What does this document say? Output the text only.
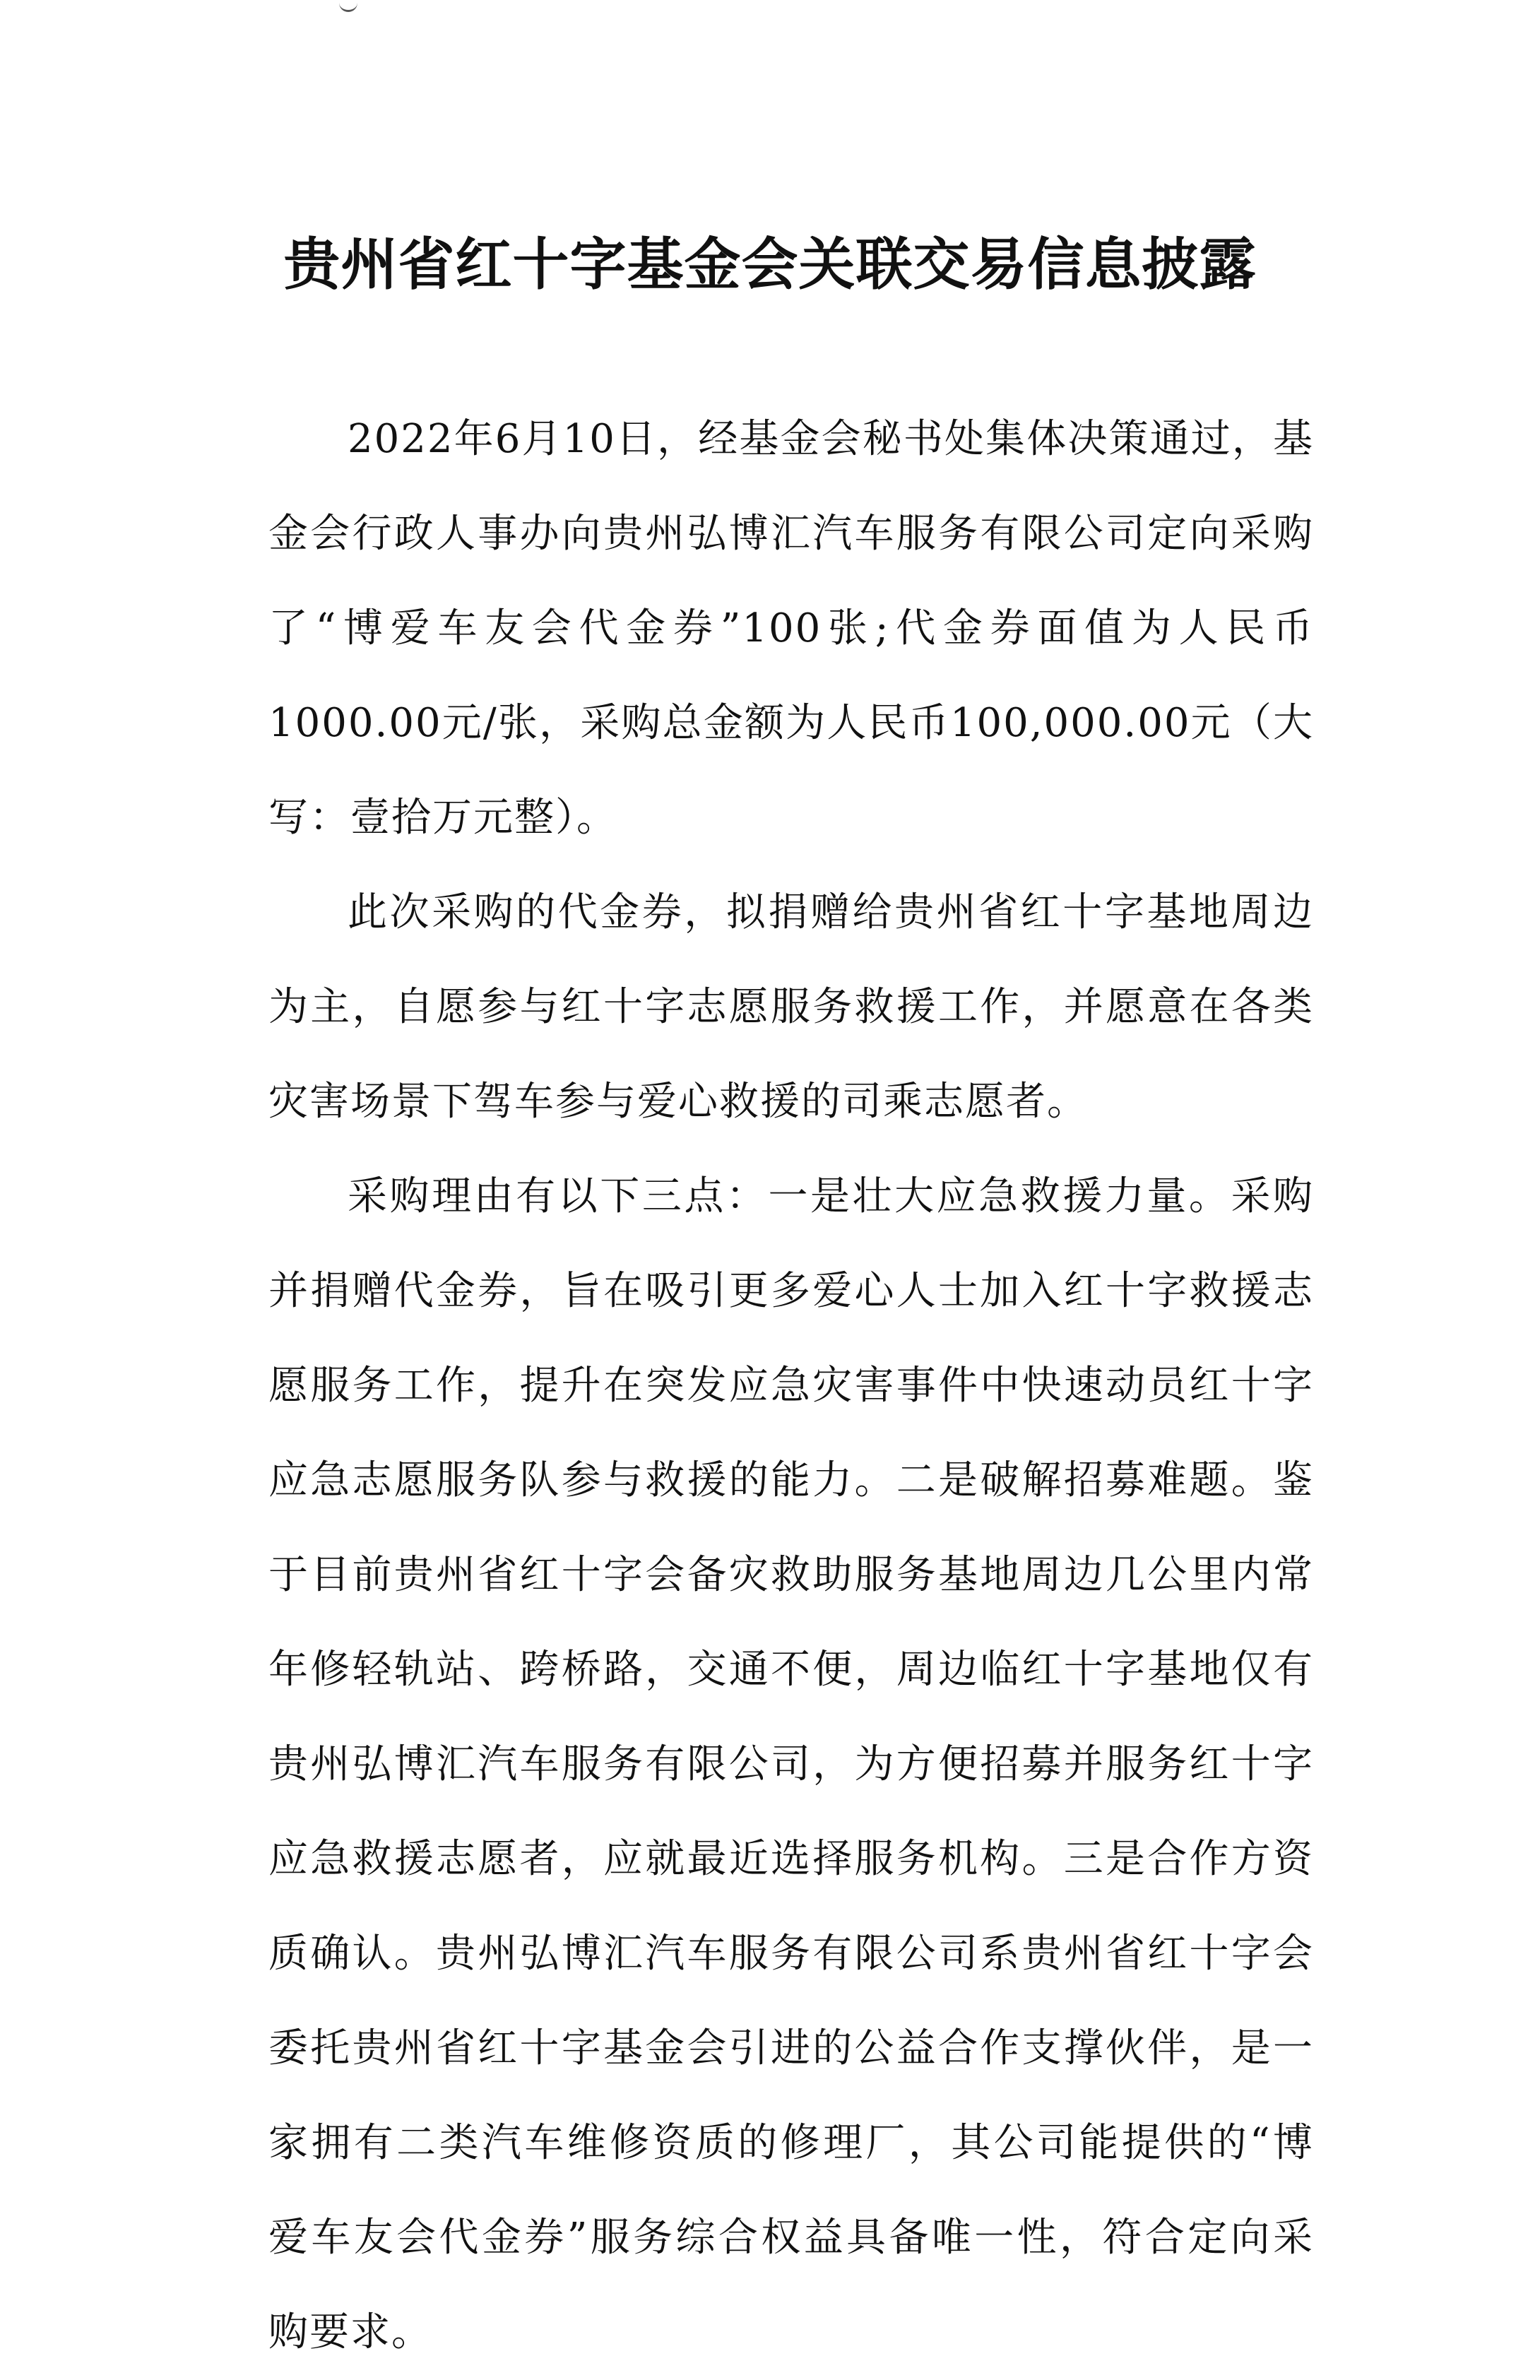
贵州省红十字基金会关联交易信息披露

2022年6月10日，经基金会秘书处集体决策通过，基金会行政人事办向贵州弘博汇汽车服务有限公司定向采购了“博爱车友会代金券”100张;代金券面值为人民币1000.00元/张，采购总金额为人民币100,000.00元（大写：壹拾万元整）。

此次采购的代金券，拟捐赠给贵州省红十字基地周边为主，自愿参与红十字志愿服务救援工作，并愿意在各类灾害场景下驾车参与爱心救援的司乘志愿者。

采购理由有以下三点：一是壮大应急救援力量。采购并捐赠代金券，旨在吸引更多爱心人士加入红十字救援志愿服务工作，提升在突发应急灾害事件中快速动员红十字应急志愿服务队参与救援的能力。二是破解招募难题。鉴于目前贵州省红十字会备灾救助服务基地周边几公里内常年修轻轨站、跨桥路，交通不便，周边临红十字基地仅有贵州弘博汇汽车服务有限公司，为方便招募并服务红十字应急救援志愿者，应就最近选择服务机构。三是合作方资质确认。贵州弘博汇汽车服务有限公司系贵州省红十字会委托贵州省红十字基金会引进的公益合作支撑伙伴，是一家拥有二类汽车维修资质的修理厂，其公司能提供的“博爱车友会代金券”服务综合权益具备唯一性，符合定向采购要求。
